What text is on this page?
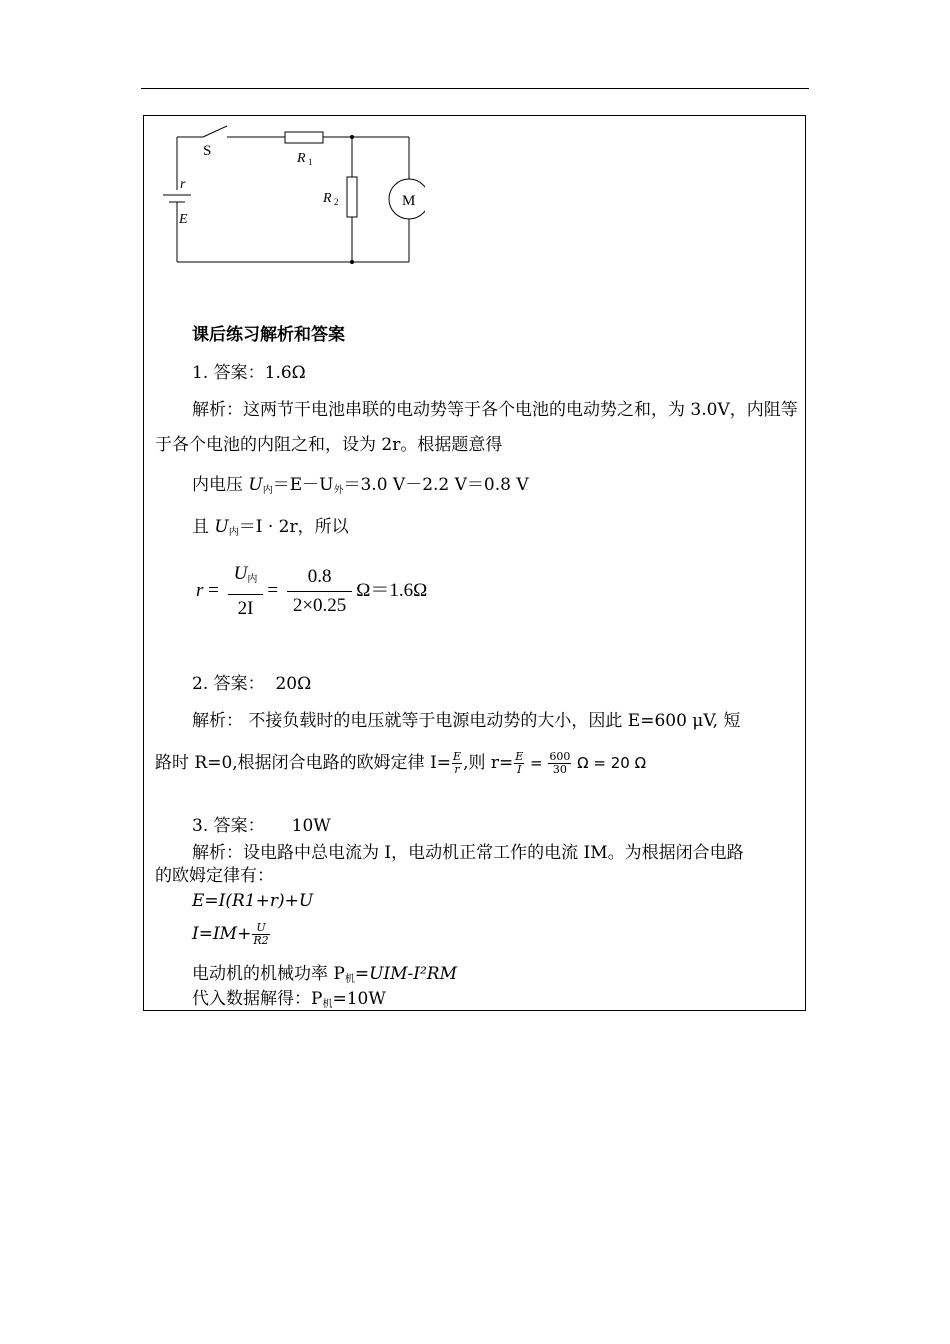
S	R 1
R 2
r
E
M
课后练习解析和答案
1. 答案：1.6Ω
解析：这两节干电池串联的电动势等于各个电池的电动势之和，为 3.0V，内阻等于各个电池的内阻之和，设为 2r。根据题意得
内电压 $U_内=E-U_外=3.0$ V－2.2 V＝0.8 V
且 $U_内=I \cdot 2r$，所以
$r = \frac{U_内}{2I} = \frac{0.8}{2\times 0.25} \Omega=1.6\Omega$
2. 答案： 20Ω
解析： 不接负载时的电压就等于电源电动势的大小，因此 E=600 μV, 短
路时 R=0,根据闭合电路的欧姆定律 $I= \frac{E}{r}$ ,则 $r= \frac{E}{I} = \frac{600}{30}$ Ω = 20 Ω
3. 答案： 10W
解析：设电路中总电流为 I，电动机正常工作的电流 IM。为根据闭合电路
的欧姆定律有：
E=I(R1+r)+U
$I=IM+ \frac{U}{R2}$
电动机的机械功率 $P_机=UIM$-I²RM
代入数据解得：$P_机=10W$
